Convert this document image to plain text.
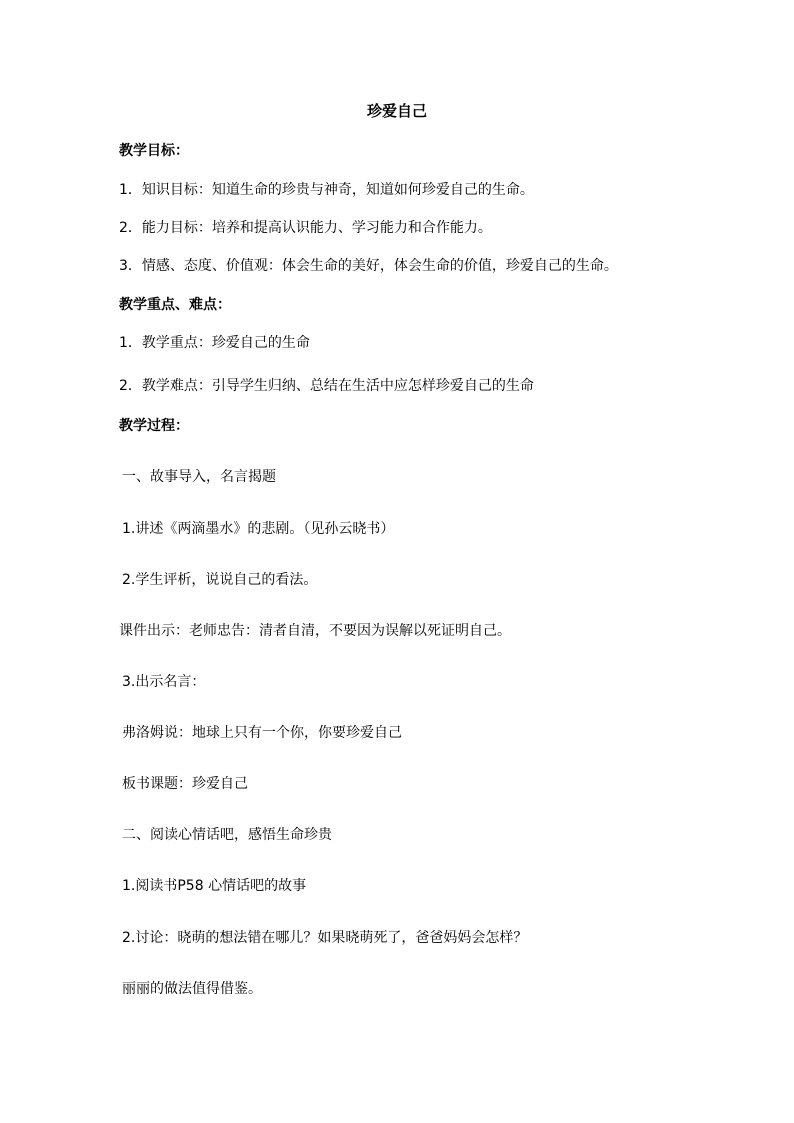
珍爱自己
教学目标：
1．知识目标：知道生命的珍贵与神奇，知道如何珍爱自己的生命。
2．能力目标：培养和提高认识能力、学习能力和合作能力。
3．情感、态度、价值观：体会生命的美好，体会生命的价值，珍爱自己的生命。
教学重点、难点：
1．教学重点：珍爱自己的生命
2．教学难点：引导学生归纳、总结在生活中应怎样珍爱自己的生命
教学过程：
一、故事导入，名言揭题
1.讲述《两滴墨水》的悲剧。（见孙云晓书）
2.学生评析，说说自己的看法。
课件出示：老师忠告：清者自清，不要因为误解以死证明自己。
3.出示名言：
弗洛姆说：地球上只有一个你，你要珍爱自己
板书课题：珍爱自己
二、阅读心情话吧，感悟生命珍贵
1.阅读书P58 心情话吧的故事
2.讨论：晓萌的想法错在哪儿？如果晓萌死了，爸爸妈妈会怎样？
丽丽的做法值得借鉴。
